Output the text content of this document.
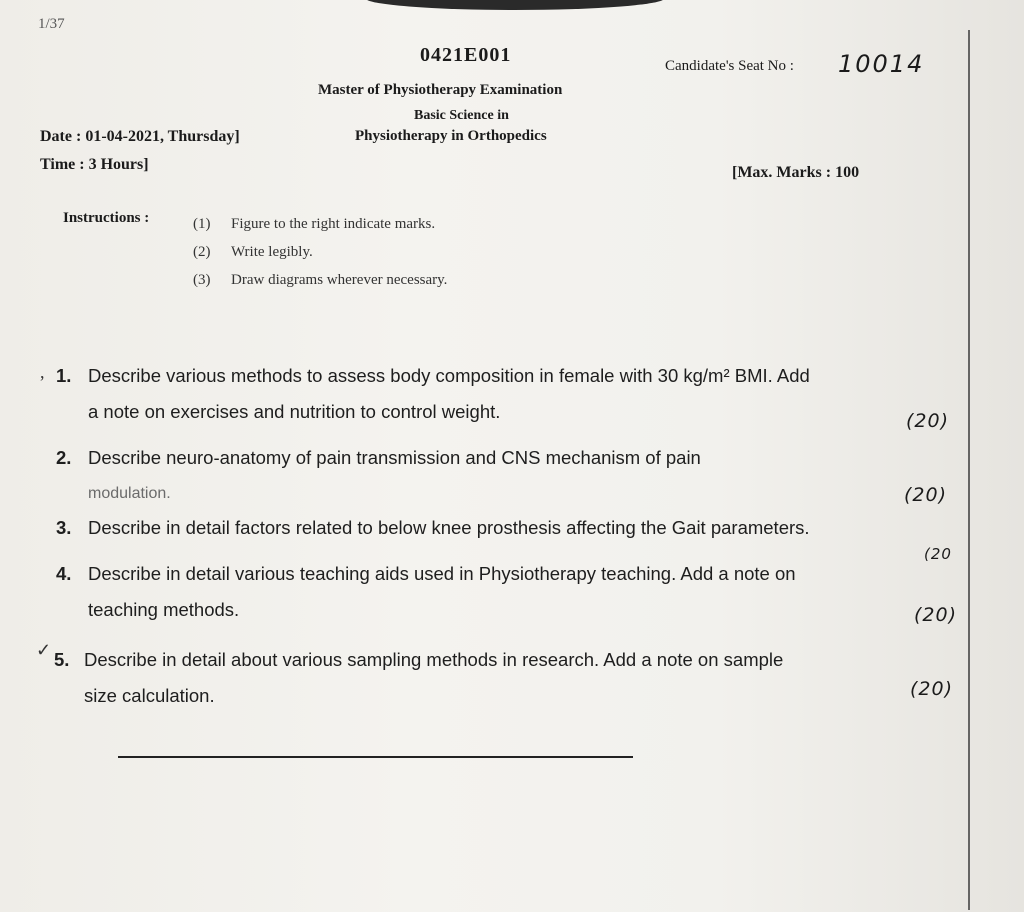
1/37
0421E001
Master of Physiotherapy Examination
Basic Science in
Physiotherapy in Orthopedics
Candidate's Seat No : 10014
Date : 01-04-2021, Thursday]
Time : 3 Hours]	[Max. Marks : 100
Instructions :	(1) Figure to the right indicate marks.
(2) Write legibly.
(3) Draw diagrams wherever necessary.
, 1. Describe various methods to assess body composition in female with 30 kg/m² BMI. Add
a note on exercises and nutrition to control weight.	(20)
2. Describe neuro-anatomy of pain transmission and CNS mechanism of pain
modulation.	(20)
3. Describe in detail factors related to below knee prosthesis affecting the Gait parameters.
(20
4. Describe in detail various teaching aids used in Physiotherapy teaching. Add a note on
teaching methods.	(20)
✓ 5. Describe in detail about various sampling methods in research. Add a note on sample
size calculation.	(20)
